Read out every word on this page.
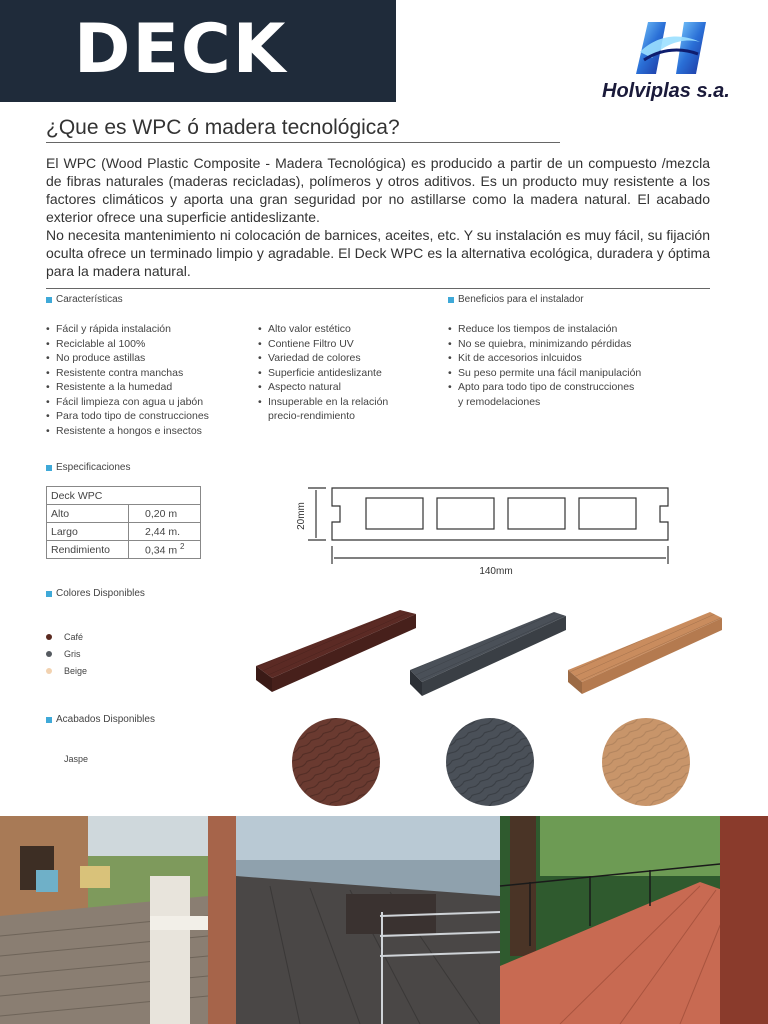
DECK
Holviplas s.a.
¿Que es WPC ó madera tecnológica?

El WPC (Wood Plastic Composite - Madera Tecnológica) es producido a partir de un compuesto /mezcla de fibras naturales (maderas recicladas), polímeros y otros aditivos. Es un producto muy resistente a los factores climáticos y aporta una gran seguridad por no astillarse como la madera natural. El acabado exterior ofrece una superficie antideslizante.

No necesita mantenimiento ni colocación de barnices, aceites, etc. Y su instalación es muy fácil, su fijación oculta ofrece un terminado limpio y agradable. El Deck WPC es la alternativa ecológica, duradera y óptima para la madera natural.

Características
• Fácil y rápida instalación
• Reciclable al 100%
• No produce astillas
• Resistente contra manchas
• Resistente a la humedad
• Fácil limpieza con agua u jabón
• Para todo tipo de construcciones
• Resistente a hongos e insectos
• Alto valor estético
• Contiene Filtro UV
• Variedad de colores
• Superficie antideslizante
• Aspecto natural
• Insuperable en la relación
precio-rendimiento
Beneficios para el instalador
• Reduce los tiempos de instalación
• No se quiebra, minimizando pérdidas
• Kit de accesorios inlcuidos
• Su peso permite una fácil manipulación
• Apto para todo tipo de construcciones
y remodelaciones
Especificaciones
Deck WPC	
Alto	0,20 m
Largo	2,44 m.
Rendimiento	0,34 m $^2$
20mm
140mm
Colores Disponibles
Café
Gris
Beige
Acabados Disponibles
Jaspe
